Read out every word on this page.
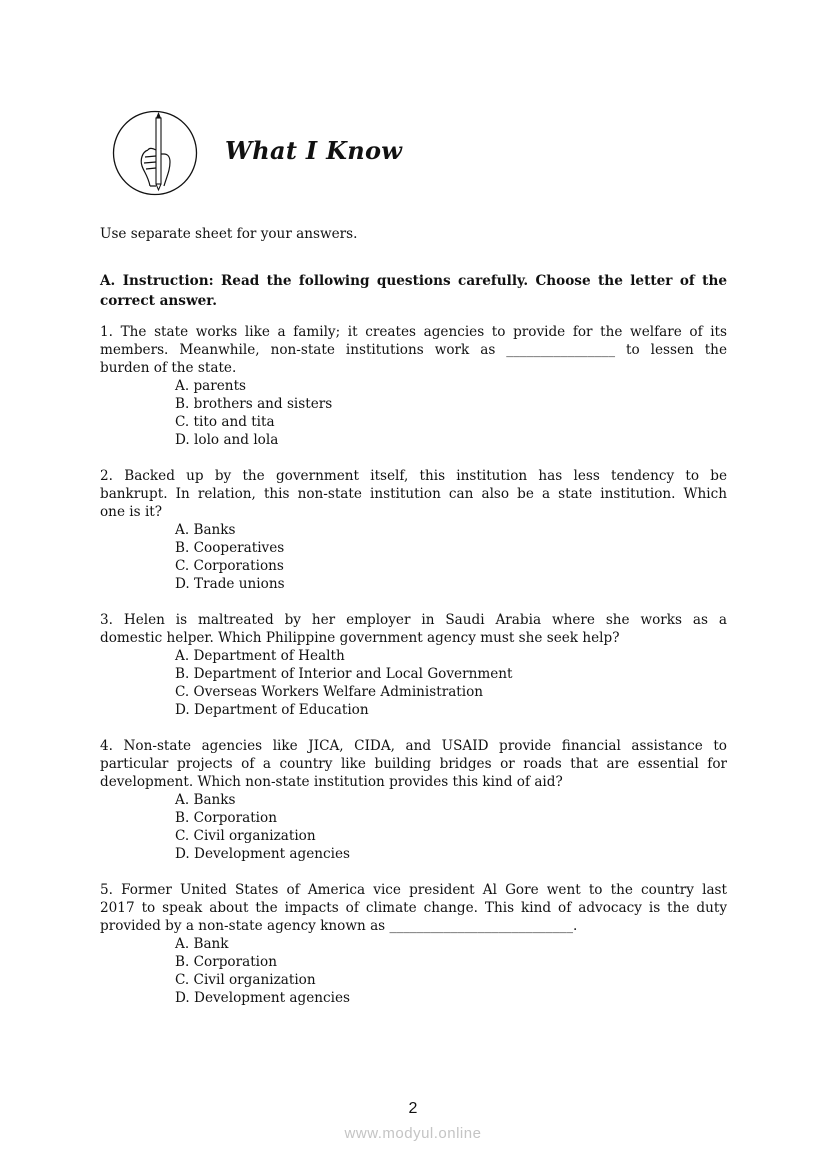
What I Know
Use separate sheet for your answers.
A. Instruction: Read the following questions carefully. Choose the letter of the correct answer.
1. The state works like a family; it creates agencies to provide for the welfare of its
members. Meanwhile, non-state institutions work as ________________ to lessen the
burden of the state.
A. parents
B. brothers and sisters
C. tito and tita
D. lolo and lola
2. Backed up by the government itself, this institution has less tendency to be
bankrupt. In relation, this non-state institution can also be a state institution. Which
one is it?
A. Banks
B. Cooperatives
C. Corporations
D. Trade unions
3. Helen is maltreated by her employer in Saudi Arabia where she works as a
domestic helper. Which Philippine government agency must she seek help?
A. Department of Health
B. Department of Interior and Local Government
C. Overseas Workers Welfare Administration
D. Department of Education
4. Non-state agencies like JICA, CIDA, and USAID provide financial assistance to
particular projects of a country like building bridges or roads that are essential for
development. Which non-state institution provides this kind of aid?
A. Banks
B. Corporation
C. Civil organization
D. Development agencies
5. Former United States of America vice president Al Gore went to the country last
2017 to speak about the impacts of climate change. This kind of advocacy is the duty
provided by a non-state agency known as ___________________________.
A. Bank
B. Corporation
C. Civil organization
D. Development agencies
2
www.modyul.online
